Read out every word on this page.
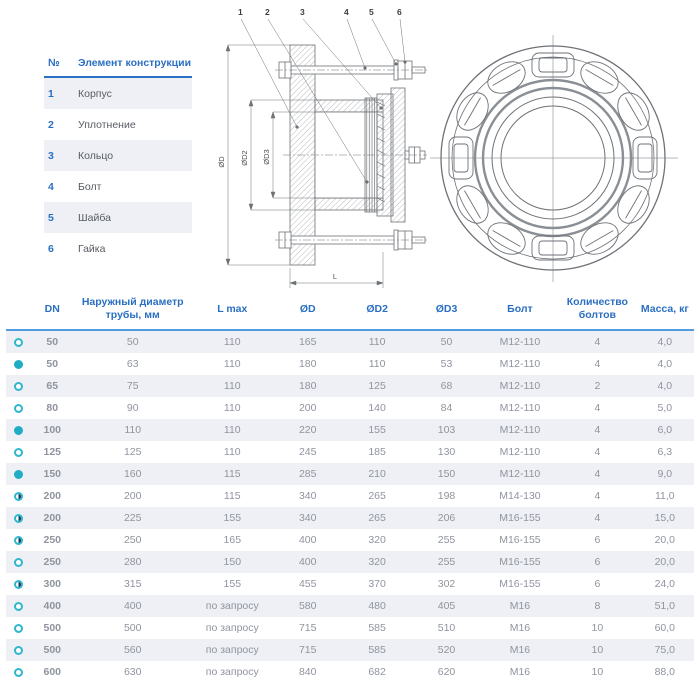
№	Элемент конструкции
1	Корпус
2	Уплотнение
3	Кольцо
4	Болт
5	Шайба
6	Гайка
1	2	3	4 5	6
ØD ØD2 ØD3
L
	DN	Наружный диаметр трубы, мм	L max	ØD	ØD2	ØD3	Болт	Количество болтов	Масса, кг
	50	50	110	165	110	50	M12-110	4	4,0
	50	63	110	180	110	53	M12-110	4	4,0
	65	75	110	180	125	68	M12-110	2	4,0
	80	90	110	200	140	84	M12-110	4	5,0
	100	110	110	220	155	103	M12-110	4	6,0
	125	125	110	245	185	130	M12-110	4	6,3
	150	160	115	285	210	150	M12-110	4	9,0
	200	200	115	340	265	198	M14-130	4	11,0
	200	225	155	340	265	206	M16-155	4	15,0
	250	250	165	400	320	255	M16-155	6	20,0
	250	280	150	400	320	255	M16-155	6	20,0
	300	315	155	455	370	302	M16-155	6	24,0
	400	400	по запросу	580	480	405	M16	8	51,0
	500	500	по запросу	715	585	510	M16	10	60,0
	500	560	по запросу	715	585	520	M16	10	75,0
	600	630	по запросу	840	682	620	M16	10	88,0
